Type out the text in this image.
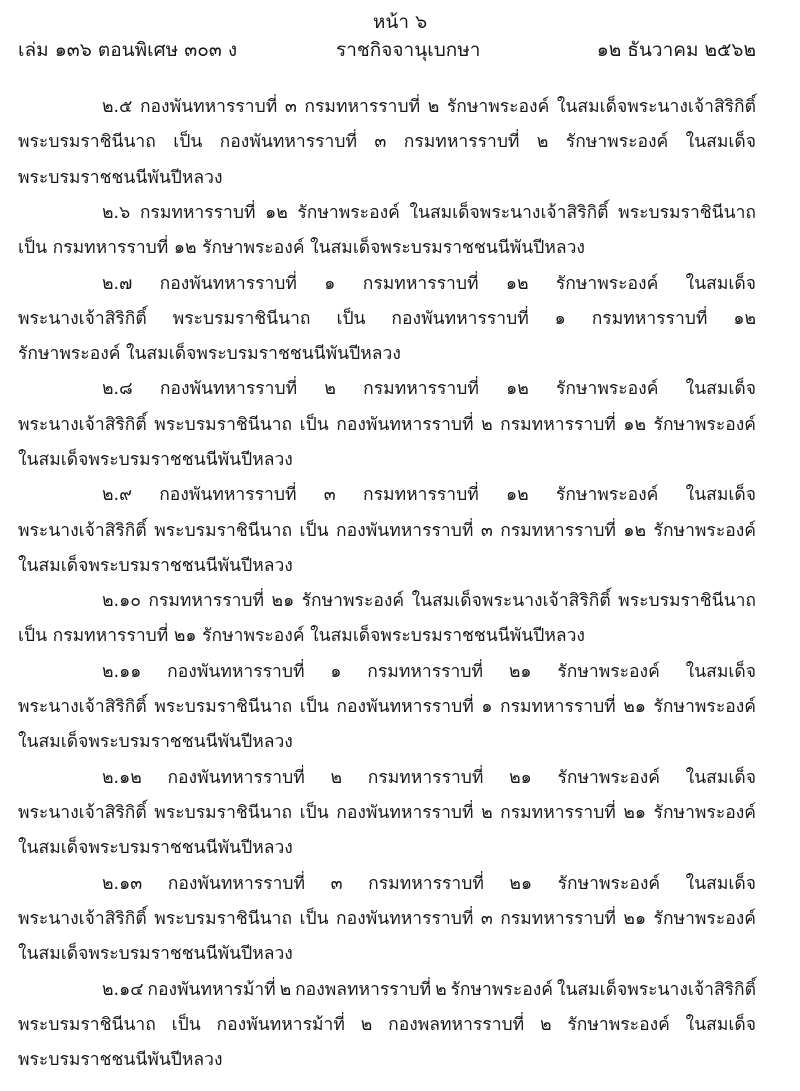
หน้า ๖
เล่ม ๑๓๖ ตอนพิเศษ ๓๐๓ ง	ราชกิจจานุเบกษา	๑๒ ธันวาคม ๒๕๖๒
๒.๕ กองพันทหารราบที่ ๓ กรมทหารราบที่ ๒ รักษาพระองค์ ในสมเด็จพระนางเจ้าสิริกิติ์
พระบรมราชินีนาถ เป็น กองพันทหารราบที่ ๓ กรมทหารราบที่ ๒ รักษาพระองค์ ในสมเด็จ
พระบรมราชชนนีพันปีหลวง
๒.๖ กรมทหารราบที่ ๑๒ รักษาพระองค์ ในสมเด็จพระนางเจ้าสิริกิติ์ พระบรมราชินีนาถ
เป็น กรมทหารราบที่ ๑๒ รักษาพระองค์ ในสมเด็จพระบรมราชชนนีพันปีหลวง
๒.๗ กองพันทหารราบที่ ๑ กรมทหารราบที่ ๑๒ รักษาพระองค์ ในสมเด็จ
พระนางเจ้าสิริกิติ์ พระบรมราชินีนาถ เป็น กองพันทหารราบที่ ๑ กรมทหารราบที่ ๑๒
รักษาพระองค์ ในสมเด็จพระบรมราชชนนีพันปีหลวง
๒.๘ กองพันทหารราบที่ ๒ กรมทหารราบที่ ๑๒ รักษาพระองค์ ในสมเด็จ
พระนางเจ้าสิริกิติ์ พระบรมราชินีนาถ เป็น กองพันทหารราบที่ ๒ กรมทหารราบที่ ๑๒ รักษาพระองค์
ในสมเด็จพระบรมราชชนนีพันปีหลวง
๒.๙ กองพันทหารราบที่ ๓ กรมทหารราบที่ ๑๒ รักษาพระองค์ ในสมเด็จ
พระนางเจ้าสิริกิติ์ พระบรมราชินีนาถ เป็น กองพันทหารราบที่ ๓ กรมทหารราบที่ ๑๒ รักษาพระองค์
ในสมเด็จพระบรมราชชนนีพันปีหลวง
๒.๑๐ กรมทหารราบที่ ๒๑ รักษาพระองค์ ในสมเด็จพระนางเจ้าสิริกิติ์ พระบรมราชินีนาถ
เป็น กรมทหารราบที่ ๒๑ รักษาพระองค์ ในสมเด็จพระบรมราชชนนีพันปีหลวง
๒.๑๑ กองพันทหารราบที่ ๑ กรมทหารราบที่ ๒๑ รักษาพระองค์ ในสมเด็จ
พระนางเจ้าสิริกิติ์ พระบรมราชินีนาถ เป็น กองพันทหารราบที่ ๑ กรมทหารราบที่ ๒๑ รักษาพระองค์
ในสมเด็จพระบรมราชชนนีพันปีหลวง
๒.๑๒ กองพันทหารราบที่ ๒ กรมทหารราบที่ ๒๑ รักษาพระองค์ ในสมเด็จ
พระนางเจ้าสิริกิติ์ พระบรมราชินีนาถ เป็น กองพันทหารราบที่ ๒ กรมทหารราบที่ ๒๑ รักษาพระองค์
ในสมเด็จพระบรมราชชนนีพันปีหลวง
๒.๑๓ กองพันทหารราบที่ ๓ กรมทหารราบที่ ๒๑ รักษาพระองค์ ในสมเด็จ
พระนางเจ้าสิริกิติ์ พระบรมราชินีนาถ เป็น กองพันทหารราบที่ ๓ กรมทหารราบที่ ๒๑ รักษาพระองค์
ในสมเด็จพระบรมราชชนนีพันปีหลวง
๒.๑๔ กองพันทหารม้าที่ ๒ กองพลทหารราบที่ ๒ รักษาพระองค์ ในสมเด็จพระนางเจ้าสิริกิติ์
พระบรมราชินีนาถ เป็น กองพันทหารม้าที่ ๒ กองพลทหารราบที่ ๒ รักษาพระองค์ ในสมเด็จ
พระบรมราชชนนีพันปีหลวง
